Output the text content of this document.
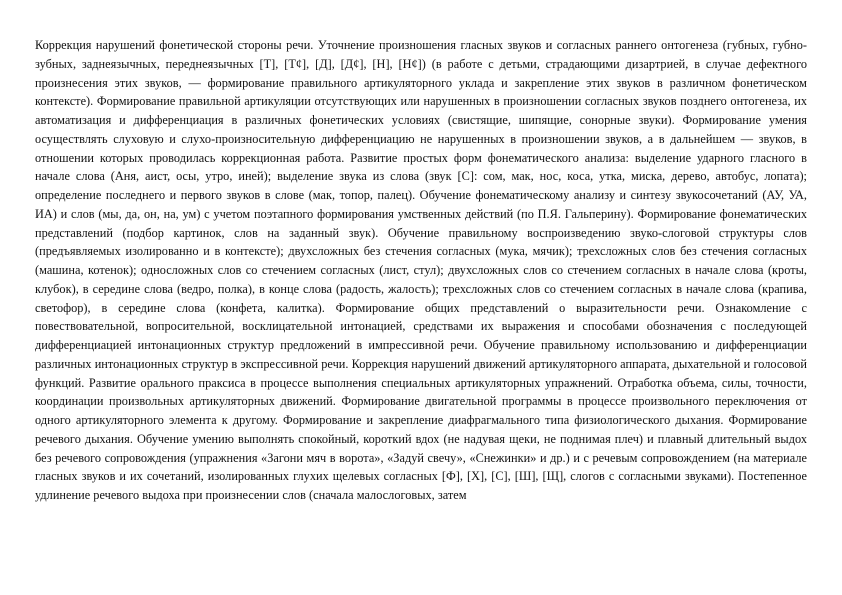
Коррекция нарушений фонетической стороны речи. Уточнение произношения гласных звуков и согласных раннего онтогенеза (губных, губно-зубных, заднеязычных, переднеязычных [Т], [Т¢], [Д], [Д¢], [Н], [Н¢]) (в работе с детьми, страдающими дизартрией, в случае дефектного произнесения этих звуков, — формирование правильного артикуляторного уклада и закрепление этих звуков в различном фонетическом контексте). Формирование правильной артикуляции отсутствующих или нарушенных в произношении согласных звуков позднего онтогенеза, их автоматизация и дифференциация в различных фонетических условиях (свистящие, шипящие, сонорные звуки). Формирование умения осуществлять слуховую и слухо-произносительную дифференциацию не нарушенных в произношении звуков, а в дальнейшем — звуков, в отношении которых проводилась коррекционная работа. Развитие простых форм фонематического анализа: выделение ударного гласного в начале слова (Аня, аист, осы, утро, иней); выделение звука из слова (звук [С]: сом, мак, нос, коса, утка, миска, дерево, автобус, лопата); определение последнего и первого звуков в слове (мак, топор, палец). Обучение фонематическому анализу и синтезу звукосочетаний (АУ, УА, ИА) и слов (мы, да, он, на, ум) с учетом поэтапного формирования умственных действий (по П.Я. Гальперину). Формирование фонематических представлений (подбор картинок, слов на заданный звук). Обучение правильному воспроизведению звуко-слоговой структуры слов (предъявляемых изолированно и в контексте); двухсложных без стечения согласных (мука, мячик); трехсложных слов без стечения согласных (машина, котенок); односложных слов со стечением согласных (лист, стул); двухсложных слов со стечением согласных в начале слова (кроты, клубок), в середине слова (ведро, полка), в конце слова (радость, жалость); трехсложных слов со стечением согласных в начале слова (крапива, светофор), в середине слова (конфета, калитка). Формирование общих представлений о выразительности речи. Ознакомление с повествовательной, вопросительной, восклицательной интонацией, средствами их выражения и способами обозначения с последующей дифференциацией интонационных структур предложений в импрессивной речи. Обучение правильному использованию и дифференциации различных интонационных структур в экспрессивной речи. Коррекция нарушений движений артикуляторного аппарата, дыхательной и голосовой функций. Развитие орального праксиса в процессе выполнения специальных артикуляторных упражнений. Отработка объема, силы, точности, координации произвольных артикуляторных движений. Формирование двигательной программы в процессе произвольного переключения от одного артикуляторного элемента к другому. Формирование и закрепление диафрагмального типа физиологического дыхания. Формирование речевого дыхания. Обучение умению выполнять спокойный, короткий вдох (не надувая щеки, не поднимая плеч) и плавный длительный выдох без речевого сопровождения (упражнения «Загони мяч в ворота», «Задуй свечу», «Снежинки» и др.) и с речевым сопровождением (на материале гласных звуков и их сочетаний, изолированных глухих щелевых согласных [Ф], [Х], [С], [Ш], [Щ], слогов с согласными звуками). Постепенное удлинение речевого выдоха при произнесении слов (сначала малослоговых, затем
